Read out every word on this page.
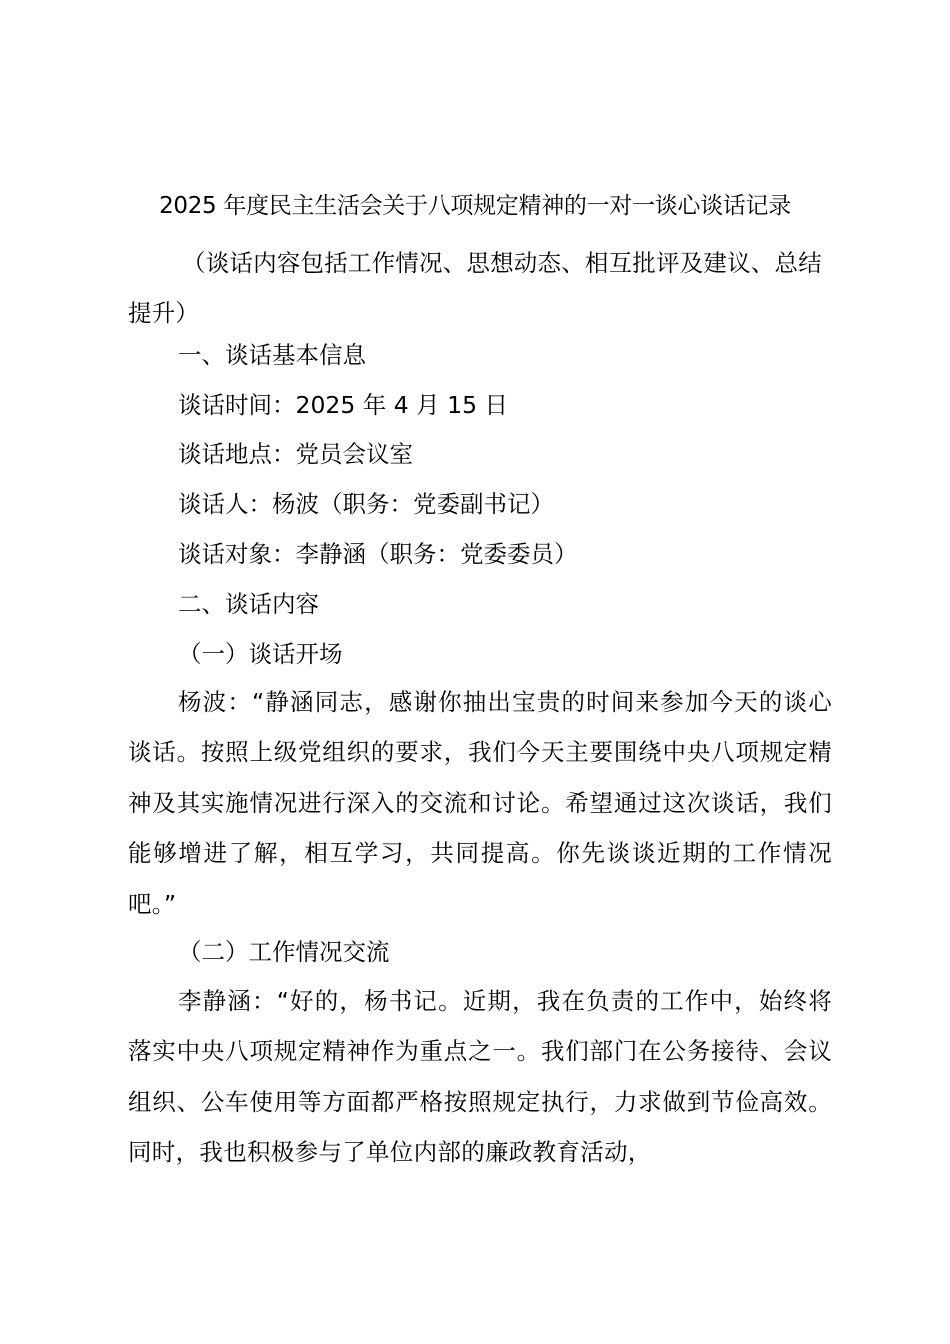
2025 年度民主生活会关于八项规定精神的一对一谈心谈话记录
（谈话内容包括工作情况、思想动态、相互批评及建议、总结提升）
一、谈话基本信息
谈话时间：2025 年 4 月 15 日
谈话地点：党员会议室
谈话人：杨波（职务：党委副书记）
谈话对象：李静涵（职务：党委委员）
二、谈话内容
（一）谈话开场
杨波：“静涵同志，感谢你抽出宝贵的时间来参加今天的谈心谈话。按照上级党组织的要求，我们今天主要围绕中央八项规定精神及其实施情况进行深入的交流和讨论。希望通过这次谈话，我们能够增进了解，相互学习，共同提高。你先谈谈近期的工作情况吧。”
（二）工作情况交流
李静涵：“好的，杨书记。近期，我在负责的工作中，始终将落实中央八项规定精神作为重点之一。我们部门在公务接待、会议组织、公车使用等方面都严格按照规定执行，力求做到节俭高效。同时，我也积极参与了单位内部的廉政教育活动，
